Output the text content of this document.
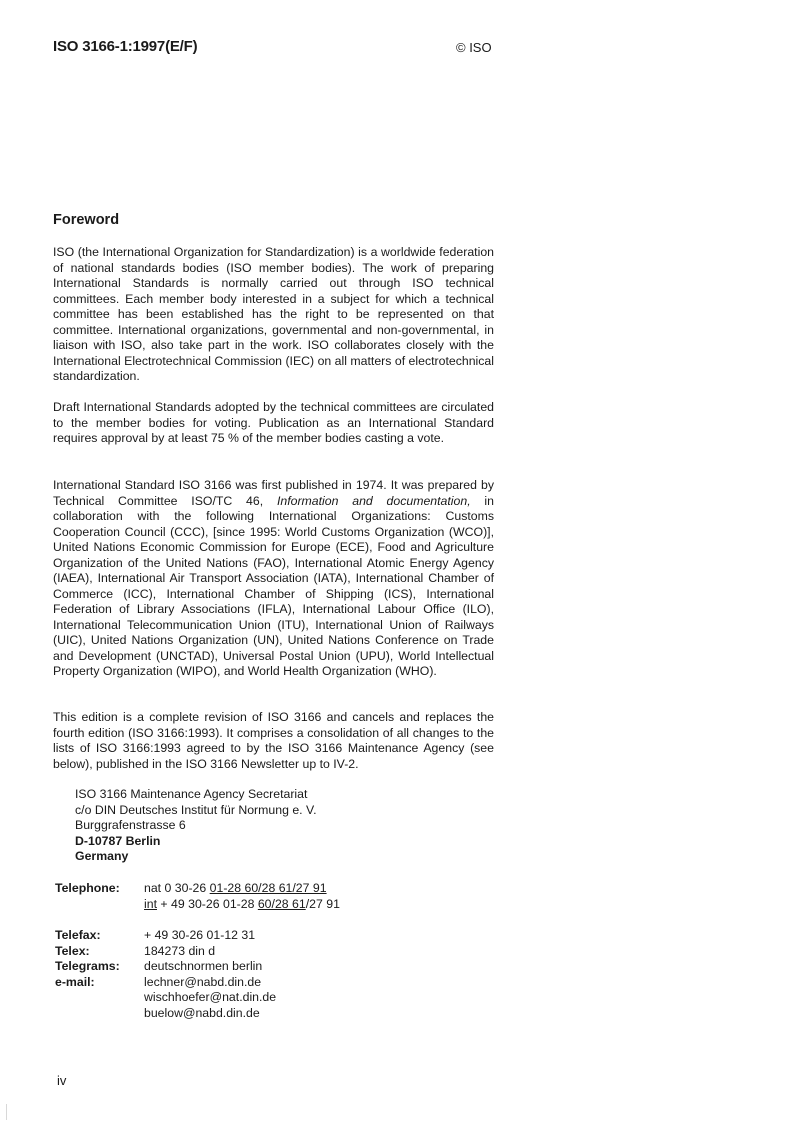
ISO 3166-1:1997(E/F)	© ISO
Foreword

ISO (the International Organization for Standardization) is a worldwide federation of national standards bodies (ISO member bodies). The work of preparing International Standards is normally carried out through ISO technical committees. Each member body interested in a subject for which a technical committee has been established has the right to be represented on that committee. International organizations, governmental and non-governmental, in liaison with ISO, also take part in the work. ISO collaborates closely with the International Electrotechnical Commission (IEC) on all matters of electrotechnical standardization.

Draft International Standards adopted by the technical committees are circulated to the member bodies for voting. Publication as an International Standard requires approval by at least 75 % of the member bodies casting a vote.

International Standard ISO 3166 was first published in 1974. It was prepared by Technical Committee ISO/TC 46, Information and documentation, in collaboration with the following International Organizations: Customs Cooperation Council (CCC), [since 1995: World Customs Organization (WCO)], United Nations Economic Commission for Europe (ECE), Food and Agriculture Organization of the United Nations (FAO), International Atomic Energy Agency (IAEA), International Air Transport Association (IATA), International Chamber of Commerce (ICC), International Chamber of Shipping (ICS), International Federation of Library Associations (IFLA), International Labour Office (ILO), International Telecommunication Union (ITU), International Union of Railways (UIC), United Nations Organization (UN), United Nations Conference on Trade and Development (UNCTAD), Universal Postal Union (UPU), World Intellectual Property Organization (WIPO), and World Health Organization (WHO).

This edition is a complete revision of ISO 3166 and cancels and replaces the fourth edition (ISO 3166:1993). It comprises a consolidation of all changes to the lists of ISO 3166:1993 agreed to by the ISO 3166 Maintenance Agency (see below), published in the ISO 3166 Newsletter up to IV-2.

ISO 3166 Maintenance Agency Secretariat
c/o DIN Deutsches Institut für Normung e. V.
Burggrafenstrasse 6
D-10787 Berlin
Germany
Telephone:	nat 0 30-26 01-28 60/28 61/27 91
int + 49 30-26 01-28 60/28 61/27 91
Telefax:	+ 49 30-26 01-12 31
Telex:	184273 din d
Telegrams:	deutschnormen berlin
e-mail:	lechner@nabd.din.de
wischhoefer@nat.din.de
buelow@nabd.din.de
iv
